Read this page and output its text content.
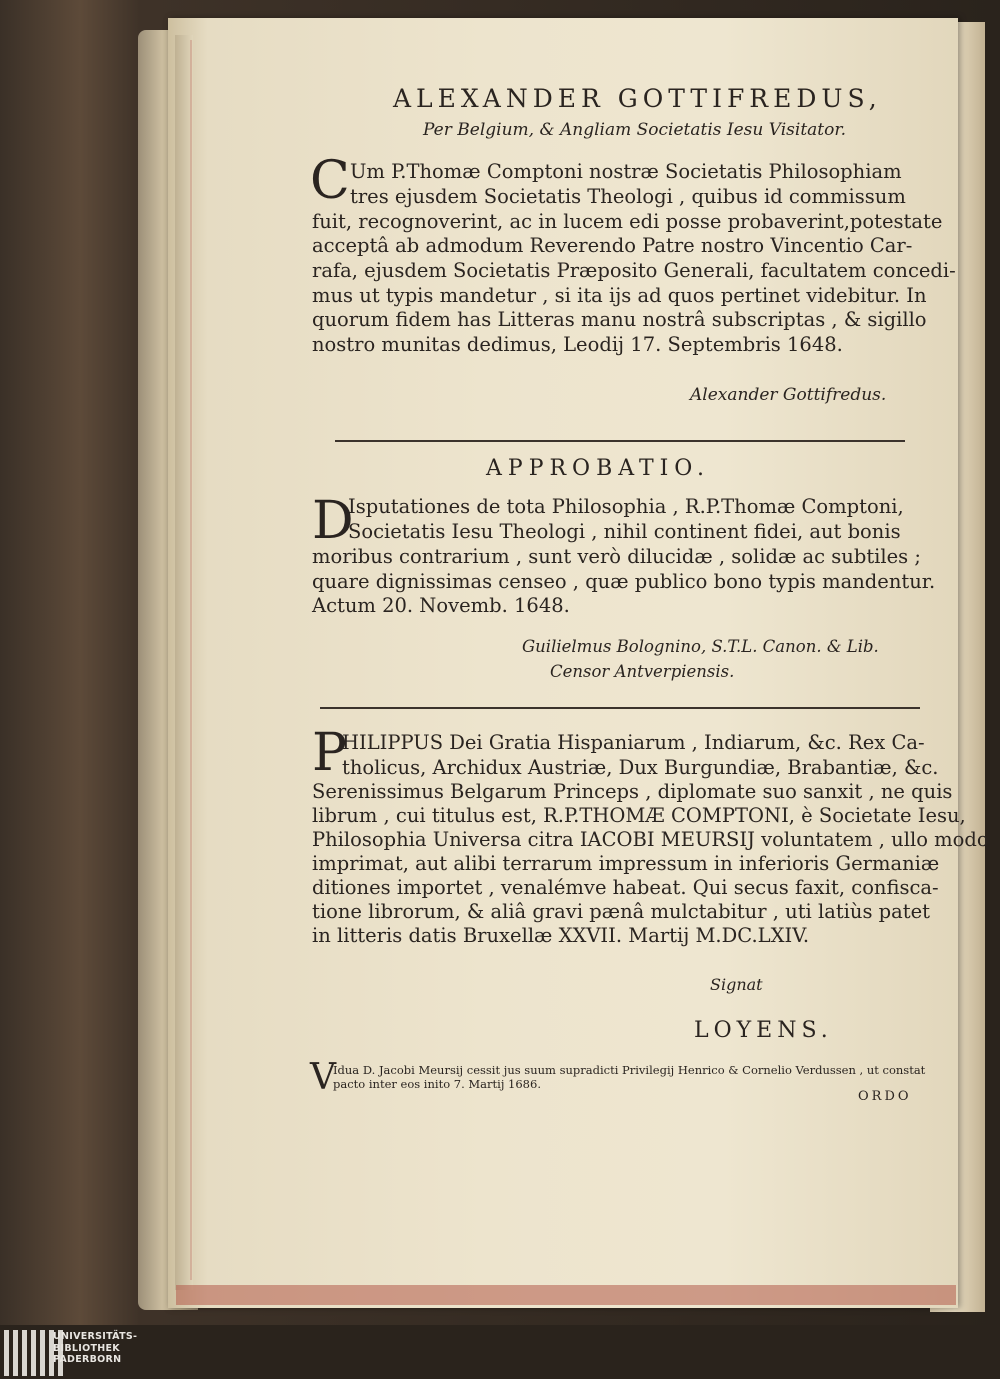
ALEXANDER GOTTIFREDUS,

Per Belgium, & Angliam Societatis Iesu Visitator.

C Um P.Thomæ Comptoni nostræ Societatis Philosophiam

tres ejusdem Societatis Theologi , quibus id commissum

fuit, recognoverint, ac in lucem edi posse probaverint,potestate

acceptâ ab admodum Reverendo Patre nostro Vincentio Car-

rafa, ejusdem Societatis Præposito Generali, facultatem concedi-

mus ut typis mandetur , si ita ijs ad quos pertinet videbitur. In

quorum fidem has Litteras manu nostrâ subscriptas , & sigillo

nostro munitas dedimus, Leodij 17. Septembris 1648.

Alexander Gottifredus.

APPROBATIO.

D

Isputationes de tota Philosophia , R.P.Thomæ Comptoni,

Societatis Iesu Theologi , nihil continent fidei, aut bonis

moribus contrarium , sunt verò dilucidæ , solidæ ac subtiles ;

quare dignissimas censeo , quæ publico bono typis mandentur.

Actum 20. Novemb. 1648.

Guilielmus Bolognino, S.T.L. Canon. & Lib.

Censor Antverpiensis.

P

HILIPPUS Dei Gratia Hispaniarum , Indiarum, &c. Rex Ca-

tholicus, Archidux Austriæ, Dux Burgundiæ, Brabantiæ, &c.

Serenissimus Belgarum Princeps , diplomate suo sanxit , ne quis

librum , cui titulus est, R.P.THOMÆ COMPTONI, è Societate Iesu,

Philosophia Universa citra IACOBI MEURSIJ voluntatem , ullo modo

imprimat, aut alibi terrarum impressum in inferioris Germaniæ

ditiones importet , venalémve habeat. Qui secus faxit, confisca-

tione librorum, & aliâ gravi pænâ mulctabitur , uti latiùs patet

in litteris datis Bruxellæ XXVII. Martij M.DC.LXIV.

Signat

LOYENS.

V

Idua D. Jacobi Meursij cessit jus suum supradicti Privilegij Henrico & Cornelio Verdussen , ut constat

pacto inter eos inito 7. Martij 1686.

ORDO

UNIVERSITÄTS-
BIBLIOTHEK
PADERBORN
